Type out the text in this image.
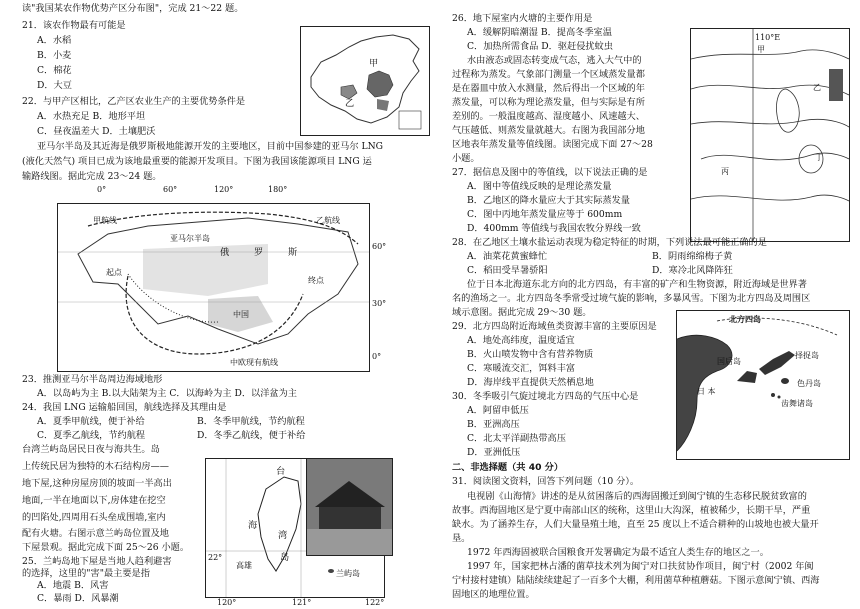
读"我国某农作物优势产区分布图"，完成 21～22 题。
21．该农作物最有可能是
A．水稻
B．小麦
C．棉花
D．大豆
22．与甲产区相比，乙产区农业生产的主要优势条件是
A．水热充足 B．地形平坦
C．昼夜温差大 D．土壤肥沃
亚马尔半岛及其近海是俄罗斯极地能源开发的主要地区，目前中国参建的亚马尔 LNG
(液化天然气) 项目已成为该地最重要的能源开发项目。下图为我国该能源项目 LNG 运
输路线图。据此完成 23～24 题。
甲
乙
0°	60°	120°	180°
亚马尔半岛
甲航线	乙航线
起点
终点
俄	罗	斯
中国
中欧现有航线
60°
30°
0°
23．推测亚马尔半岛周边海域地形
A．以岛屿为主 B.以大陆架为主 C．以海岭为主 D．以洋盆为主
24．我国 LNG 运输船回国，航线选择及其理由是
A．夏季甲航线，便于补给	B．冬季甲航线，节约航程
C．夏季乙航线，节约航程	D．冬季乙航线，便于补给
台湾兰屿岛居民日夜与海共生。岛
上传统民居为独特的木石结构房——
地下屋,这种房屋房顶的坡面一半高出
地面,一半在地面以下,房体建在挖空
的凹陷处,四周用石头垒成围墙,室内
配有火塘。右图示意兰屿岛位置及地
下屋景观。据此完成下面 25～26 小题。
25．兰屿岛地下屋是当地人趋利避害
的选择，这里的"害"最主要是指
A．地震 B．风害
C．暴雨 D．风暴潮
台
湾
岛
高雄
海
兰屿岛
22°
120°	121°	122°
26．地下屋室内火塘的主要作用是
A．缓解阴暗潮湿 B．提高冬季室温
C．加热所需食品 D．驱赶侵扰蚊虫
水由液态或固态转变成气态，逃入大气中的
过程称为蒸发。气象部门测量一个区域蒸发量都
是在器皿中放入水测量，然后得出一个区域的年
蒸发量，可以称为理论蒸发量，但与实际是有所
差别的。一般温度越高、湿度越小、风速越大、
气压越低、则蒸发量就越大。右图为我国部分地
区地表年蒸发量等值线图。读图完成下面 27～28
小题。
27．据信息及图中的等值线，以下说法正确的是
A．图中等值线反映的是理论蒸发量
B．乙地区的降水量应大于其实际蒸发量
C．图中丙地年蒸发量应等于 600mm
D．400mm 等值线与我国农牧分界线一致
110°E
甲
乙
丙
丁
28．在乙地区土壤水盐运动表现为稳定特征的时期，下列说法最可能正确的是
A．油菜花黄蜜蜂忙	B．阴雨绵绵梅子黄
C．稻田受旱暑骄阳	D．寒冷北风降阵狂
位于日本北海道东北方向的北方四岛，有丰富的矿产和生物资源，附近海域是世界著
名的渔场之一。北方四岛冬季常受过境气旋的影响，多暴风雪。下图为北方四岛及周围区
域示意图。据此完成 29～30 题。
29．北方四岛附近海域鱼类资源丰富的主要原因是
A．地处高纬度，温度适宜
B．火山喷发物中含有营养物质
C．寒暖流交汇，饵料丰富
D．海岸线平直提供天然栖息地
30．冬季吸引气旋过境北方四岛的气压中心是
A．阿留申低压
B．亚洲高压
C．北太平洋副热带高压
D．亚洲低压
北方四岛
国后岛
择捉岛
色丹岛
齿舞诸岛
日 本
二、非选择题（共 40 分）
31．阅读图文资料，回答下列问题（10 分）。
电视剧《山海情》讲述的是从贫困落后的西海固搬迁到闽宁镇的生态移民脱贫致富的
故事。西海固地区是宁夏中南部山区的统称，这里山大沟深，植被稀少，长期干旱，严重
缺水。为了涵养生存，人们大量垦殖土地，直至 25 度以上不适合耕种的山坡地也被大量开
垦。
1972 年西海固被联合国粮食开发署确定为最不适宜人类生存的地区之一。
1997 年，国家把林占潘的菌草技术列为闽宁对口扶贫协作项目，闽宁村（2002 年闽
宁村接村建镇）陆陆续续建起了一百多个大棚，利用菌草种植蘑菇。下图示意闽宁镇、西海
固地区的地理位置。
